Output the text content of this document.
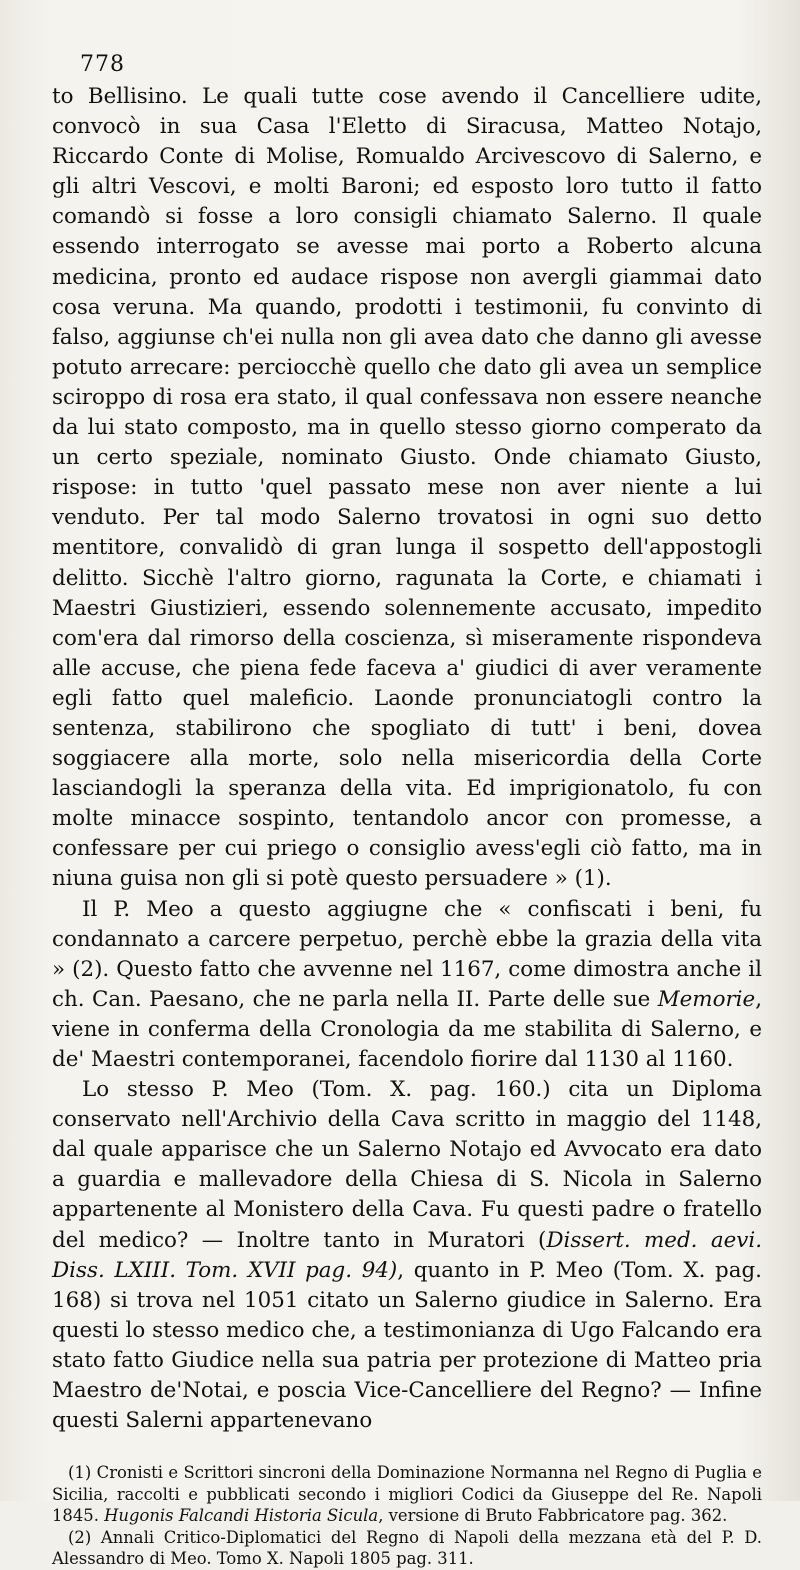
778

to Bellisino. Le quali tutte cose avendo il Cancelliere udite, convocò in sua Casa l'Eletto di Siracusa, Matteo Notajo, Riccardo Conte di Molise, Romualdo Arcivescovo di Salerno, e gli altri Vescovi, e molti Baroni; ed esposto loro tutto il fatto comandò si fosse a loro consigli chiamato Salerno. Il quale essendo interrogato se avesse mai porto a Roberto alcuna medicina, pronto ed audace rispose non avergli giammai dato cosa veruna. Ma quando, prodotti i testimonii, fu convinto di falso, aggiunse ch'ei nulla non gli avea dato che danno gli avesse potuto arrecare: perciocchè quello che dato gli avea un semplice sciroppo di rosa era stato, il qual confessava non essere neanche da lui stato composto, ma in quello stesso giorno comperato da un certo speziale, nominato Giusto. Onde chiamato Giusto, rispose: in tutto 'quel passato mese non aver niente a lui venduto. Per tal modo Salerno trovatosi in ogni suo detto mentitore, convalidò di gran lunga il sospetto dell'appostogli delitto. Sicchè l'altro giorno, ragunata la Corte, e chiamati i Maestri Giustizieri, essendo solennemente accusato, impedito com'era dal rimorso della coscienza, sì miseramente rispondeva alle accuse, che piena fede faceva a' giudici di aver veramente egli fatto quel maleficio. Laonde pronunciatogli contro la sentenza, stabilirono che spogliato di tutt' i beni, dovea soggiacere alla morte, solo nella misericordia della Corte lasciandogli la speranza della vita. Ed imprigionatolo, fu con molte minacce sospinto, tentandolo ancor con promesse, a confessare per cui priego o consiglio avess'egli ciò fatto, ma in niuna guisa non gli si potè questo persuadere » (1).

Il P. Meo a questo aggiugne che « confiscati i beni, fu condannato a carcere perpetuo, perchè ebbe la grazia della vita » (2). Questo fatto che avvenne nel 1167, come dimostra anche il ch. Can. Paesano, che ne parla nella II. Parte delle sue Memorie, viene in conferma della Cronologia da me stabilita di Salerno, e de' Maestri contemporanei, facendolo fiorire dal 1130 al 1160.

Lo stesso P. Meo (Tom. X. pag. 160.) cita un Diploma conservato nell'Archivio della Cava scritto in maggio del 1148, dal quale apparisce che un Salerno Notajo ed Avvocato era dato a guardia e mallevadore della Chiesa di S. Nicola in Salerno appartenente al Monistero della Cava. Fu questi padre o fratello del medico? — Inoltre tanto in Muratori (Dissert. med. aevi. Diss. LXIII. Tom. XVII pag. 94), quanto in P. Meo (Tom. X. pag. 168) si trova nel 1051 citato un Salerno giudice in Salerno. Era questi lo stesso medico che, a testimonianza di Ugo Falcando era stato fatto Giudice nella sua patria per protezione di Matteo pria Maestro de'Notai, e poscia Vice-Cancelliere del Regno? — Infine questi Salerni appartenevano

(1) Cronisti e Scrittori sincroni della Dominazione Normanna nel Regno di Puglia e Sicilia, raccolti e pubblicati secondo i migliori Codici da Giuseppe del Re. Napoli 1845. Hugonis Falcandi Historia Sicula, versione di Bruto Fabbricatore pag. 362.

(2) Annali Critico-Diplomatici del Regno di Napoli della mezzana età del P. D. Alessandro di Meo. Tomo X. Napoli 1805 pag. 311.
